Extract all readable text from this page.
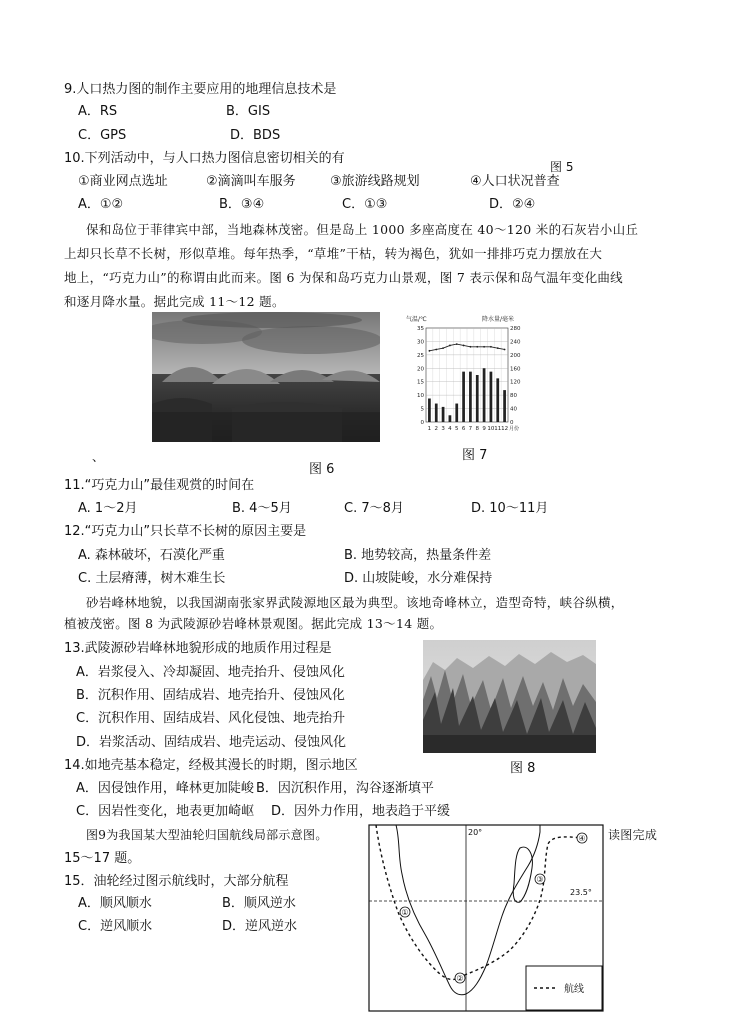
9.人口热力图的制作主要应用的地理信息技术是
A．RS	B．GIS
C．GPS	D．BDS
10.下列活动中，与人口热力图信息密切相关的有
图 5
①商业网点选址	②滴滴叫车服务	③旅游线路规划	④人口状况普查
A．①②	B．③④	C．①③	D．②④
保和岛位于菲律宾中部，当地森林茂密。但是岛上 1000 多座高度在 40～120 米的石灰岩小山丘
上却只长草不长树，形似草堆。每年热季，“草堆”干枯，转为褐色，犹如一排排巧克力摆放在大
地上，“巧克力山”的称谓由此而来。图 6 为保和岛巧克力山景观，图 7 表示保和岛气温年变化曲线
和逐月降水量。据此完成 11～12 题。
、
图 6
气温/℃	降水量/毫米
35
30
25
20
15
10
5
0
280
240
200
160
120
80
40
0
1 2 3 4 5 6 7 8 9 10 11 12 月份
图 7
11.“巧克力山”最佳观赏的时间在
A. 1～2月	B. 4～5月	C. 7～8月	D. 10～11月
12.“巧克力山”只长草不长树的原因主要是
A. 森林破坏，石漠化严重	B. 地势较高，热量条件差
C. 土层瘠薄，树木难生长	D. 山坡陡峻，水分难保持
砂岩峰林地貌，以我国湖南张家界武陵源地区最为典型。该地奇峰林立，造型奇特，峡谷纵横，
植被茂密。图 8 为武陵源砂岩峰林景观图。据此完成 13～14 题。
13.武陵源砂岩峰林地貌形成的地质作用过程是
A．岩浆侵入、冷却凝固、地壳抬升、侵蚀风化
B．沉积作用、固结成岩、地壳抬升、侵蚀风化
C．沉积作用、固结成岩、风化侵蚀、地壳抬升
D．岩浆活动、固结成岩、地壳运动、侵蚀风化
图 8
14.如地壳基本稳定，经极其漫长的时期，图示地区
A．因侵蚀作用，峰林更加陡峻 B．因沉积作用，沟谷逐渐填平
C．因岩性变化，地表更加崎岖 D．因外力作用，地表趋于平缓
图9为我国某大型油轮归国航线局部示意图。	读图完成
15～17 题。
15．油轮经过图示航线时，大部分航程
A．顺风顺水	B．顺风逆水
C．逆风顺水	D．逆风逆水
20°
23.5°
①
②
③
④
航线
